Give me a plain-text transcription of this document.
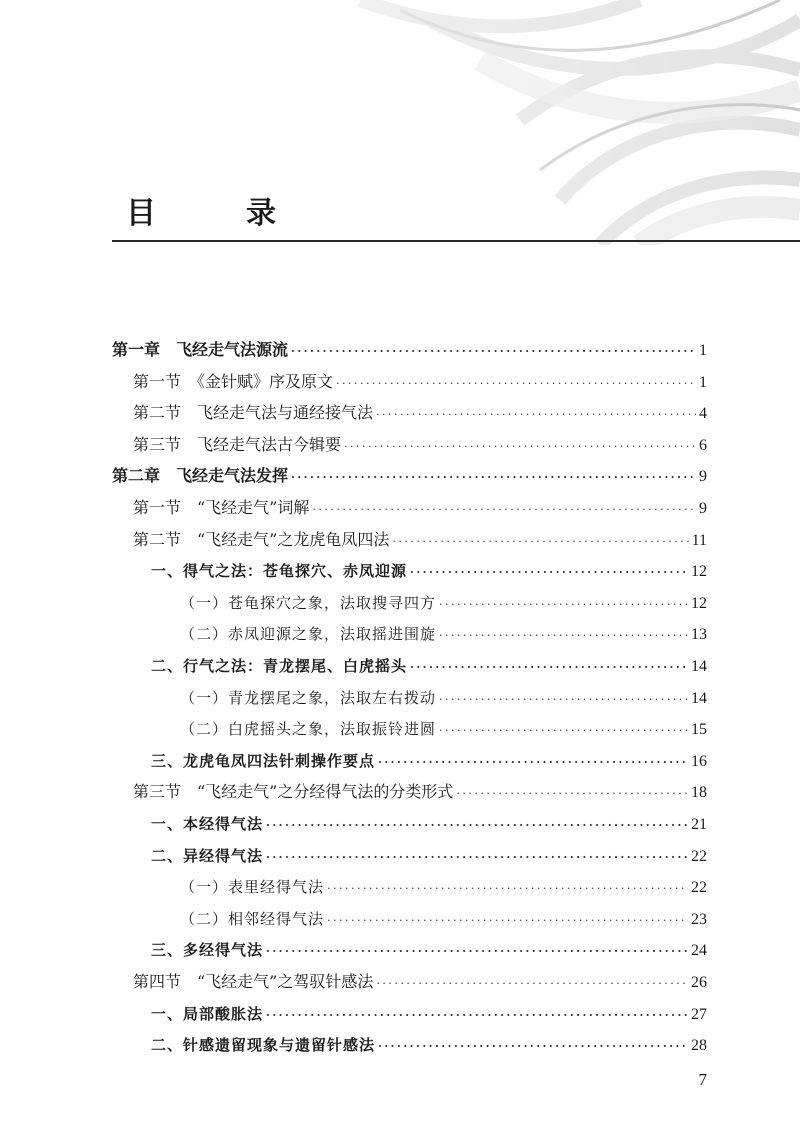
目　录
第一章　飞经走气法源流 ·····	1
第一节　《金针赋》序及原文 ·····	1
第二节　飞经走气法与通经接气法 ·····	4
第三节　飞经走气法古今辑要 ·····	6
第二章　飞经走气法发挥 ·····	9
第一节　“飞经走气”词解 ·····	9
第二节　“飞经走气”之龙虎龟凤四法 ·····	11
一、得气之法：苍龟探穴、赤凤迎源 ·····	12
（一）苍龟探穴之象，法取搜寻四方 ·····	12
（二）赤凤迎源之象，法取摇进围旋 ·····	13
二、行气之法：青龙摆尾、白虎摇头 ·····	14
（一）青龙摆尾之象，法取左右拨动 ·····	14
（二）白虎摇头之象，法取振铃进圆 ·····	15
三、龙虎龟凤四法针刺操作要点 ·····	16
第三节　“飞经走气”之分经得气法的分类形式 ·····	18
一、本经得气法 ·····	21
二、异经得气法 ·····	22
（一）表里经得气法 ·····	22
（二）相邻经得气法 ·····	23
三、多经得气法 ·····	24
第四节　“飞经走气”之驾驭针感法 ·····	26
一、局部酸胀法 ·····	27
二、针感遗留现象与遗留针感法 ·····	28
7
